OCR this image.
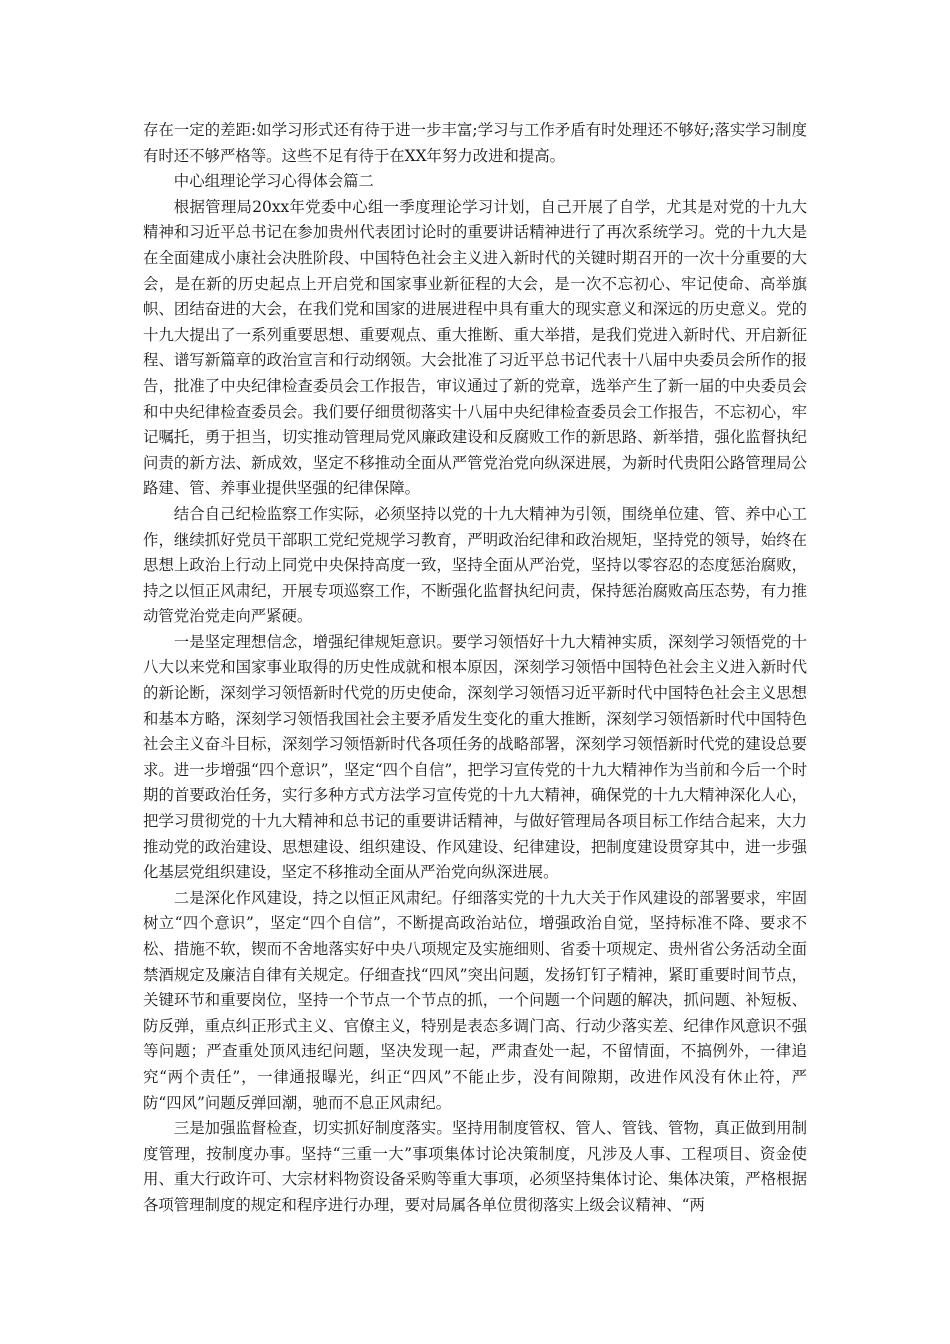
存在一定的差距:如学习形式还有待于进一步丰富;学习与工作矛盾有时处理还不够好;落实学习制度有时还不够严格等。这些不足有待于在XX年努力改进和提高。

中心组理论学习心得体会篇二

根据管理局20xx年党委中心组一季度理论学习计划，自己开展了自学，尤其是对党的十九大精神和习近平总书记在参加贵州代表团讨论时的重要讲话精神进行了再次系统学习。党的十九大是在全面建成小康社会决胜阶段、中国特色社会主义进入新时代的关键时期召开的一次十分重要的大会，是在新的历史起点上开启党和国家事业新征程的大会，是一次不忘初心、牢记使命、高举旗帜、团结奋进的大会，在我们党和国家的进展进程中具有重大的现实意义和深远的历史意义。党的十九大提出了一系列重要思想、重要观点、重大推断、重大举措，是我们党进入新时代、开启新征程、谱写新篇章的政治宣言和行动纲领。大会批准了习近平总书记代表十八届中央委员会所作的报告，批准了中央纪律检查委员会工作报告，审议通过了新的党章，选举产生了新一届的中央委员会和中央纪律检查委员会。我们要仔细贯彻落实十八届中央纪律检查委员会工作报告，不忘初心，牢记嘱托，勇于担当，切实推动管理局党风廉政建设和反腐败工作的新思路、新举措，强化监督执纪问责的新方法、新成效，坚定不移推动全面从严管党治党向纵深进展，为新时代贵阳公路管理局公路建、管、养事业提供坚强的纪律保障。

结合自己纪检监察工作实际，必须坚持以党的十九大精神为引领，围绕单位建、管、养中心工作，继续抓好党员干部职工党纪党规学习教育，严明政治纪律和政治规矩，坚持党的领导，始终在思想上政治上行动上同党中央保持高度一致，坚持全面从严治党，坚持以零容忍的态度惩治腐败，持之以恒正风肃纪，开展专项巡察工作，不断强化监督执纪问责，保持惩治腐败高压态势，有力推动管党治党走向严紧硬。

一是坚定理想信念，增强纪律规矩意识。要学习领悟好十九大精神实质，深刻学习领悟党的十八大以来党和国家事业取得的历史性成就和根本原因，深刻学习领悟中国特色社会主义进入新时代的新论断，深刻学习领悟新时代党的历史使命，深刻学习领悟习近平新时代中国特色社会主义思想和基本方略，深刻学习领悟我国社会主要矛盾发生变化的重大推断，深刻学习领悟新时代中国特色社会主义奋斗目标，深刻学习领悟新时代各项任务的战略部署，深刻学习领悟新时代党的建设总要求。进一步增强“四个意识”，坚定“四个自信”，把学习宣传党的十九大精神作为当前和今后一个时期的首要政治任务，实行多种方式方法学习宣传党的十九大精神，确保党的十九大精神深化人心，把学习贯彻党的十九大精神和总书记的重要讲话精神，与做好管理局各项目标工作结合起来，大力推动党的政治建设、思想建设、组织建设、作风建设、纪律建设，把制度建设贯穿其中，进一步强化基层党组织建设，坚定不移推动全面从严治党向纵深进展。

二是深化作风建设，持之以恒正风肃纪。仔细落实党的十九大关于作风建设的部署要求，牢固树立“四个意识”，坚定“四个自信”，不断提高政治站位，增强政治自觉，坚持标准不降、要求不松、措施不软，锲而不舍地落实好中央八项规定及实施细则、省委十项规定、贵州省公务活动全面禁酒规定及廉洁自律有关规定。仔细查找“四风”突出问题，发扬钉钉子精神，紧盯重要时间节点，关键环节和重要岗位，坚持一个节点一个节点的抓，一个问题一个问题的解决，抓问题、补短板、防反弹，重点纠正形式主义、官僚主义，特别是表态多调门高、行动少落实差、纪律作风意识不强等问题；严查重处顶风违纪问题，坚决发现一起，严肃查处一起，不留情面，不搞例外，一律追究“两个责任”，一律通报曝光，纠正“四风”不能止步，没有间隙期，改进作风没有休止符，严防“四风”问题反弹回潮，驰而不息正风肃纪。

三是加强监督检查，切实抓好制度落实。坚持用制度管权、管人、管钱、管物，真正做到用制度管理，按制度办事。坚持“三重一大”事项集体讨论决策制度，凡涉及人事、工程项目、资金使用、重大行政许可、大宗材料物资设备采购等重大事项，必须坚持集体讨论、集体决策，严格根据各项管理制度的规定和程序进行办理，要对局属各单位贯彻落实上级会议精神、“两
